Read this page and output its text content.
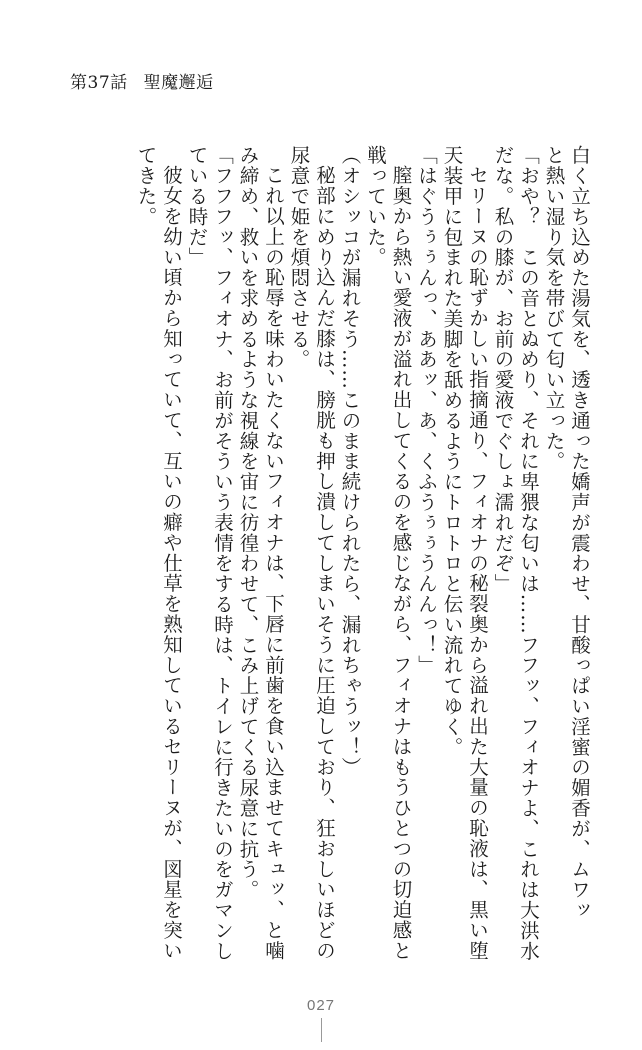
第37話 聖魔邂逅

白く立ち込めた湯気を、透き通った嬌声が震わせ、甘酸っぱい淫蜜の媚香が、ムワッ

と熱い湿り気を帯びて匂い立った。

「おや？　この音とぬめり、それに卑猥な匂いは……フフッ、フィオナよ、これは大洪水

だな。私の膝が、お前の愛液でぐしょ濡れだぞ」

セリーヌの恥ずかしい指摘通り、フィオナの秘裂奥から溢れ出た大量の恥液は、黒い堕

天装甲に包まれた美脚を舐めるようにトロトロと伝い流れてゆく。

「はぐうぅぅんっ、ああッ、あ、くふうぅぅうんんっ！」

膣奥から熱い愛液が溢れ出してくるのを感じながら、フィオナはもうひとつの切迫感と

戦っていた。

（オシッコが漏れそう……このまま続けられたら、漏れちゃうッ！）

秘部にめり込んだ膝は、膀胱も押し潰してしまいそうに圧迫しており、狂おしいほどの

尿意で姫を煩悶させる。

これ以上の恥辱を味わいたくないフィオナは、下唇に前歯を食い込ませてキュッ、と噛

み締め、救いを求めるような視線を宙に彷徨わせて、こみ上げてくる尿意に抗う。

「フフフッ、フィオナ、お前がそういう表情をする時は、トイレに行きたいのをガマンし

ている時だ」

彼女を幼い頃から知っていて、互いの癖や仕草を熟知しているセリーヌが、図星を突い

てきた。

027
